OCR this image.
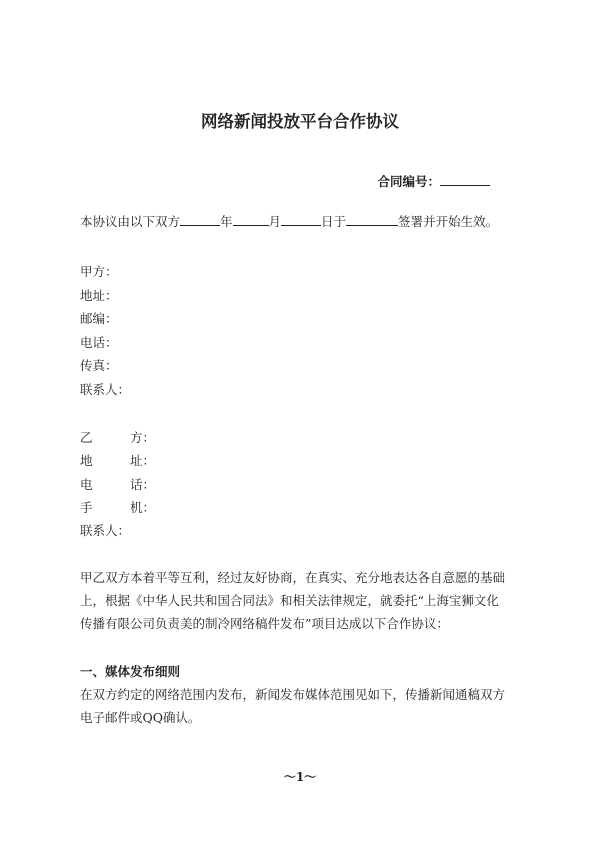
网络新闻投放平台合作协议
合同编号：
本协议由以下双方	年	月	日于	签署并开始生效。
甲方：
地址：
邮编：
电话：
传真：
联系人：
乙	方：
地	址：
电	话：
手	机：
联系人：
甲乙双方本着平等互利，经过友好协商，在真实、充分地表达各自意愿的基础
上，根据《中华人民共和国合同法》和相关法律规定，就委托“上海宝狮文化
传播有限公司负责美的制冷网络稿件发布”项目达成以下合作协议：
一、媒体发布细则
在双方约定的网络范围内发布，新闻发布媒体范围见如下，传播新闻通稿双方
电子邮件或QQ确认。
～1～
